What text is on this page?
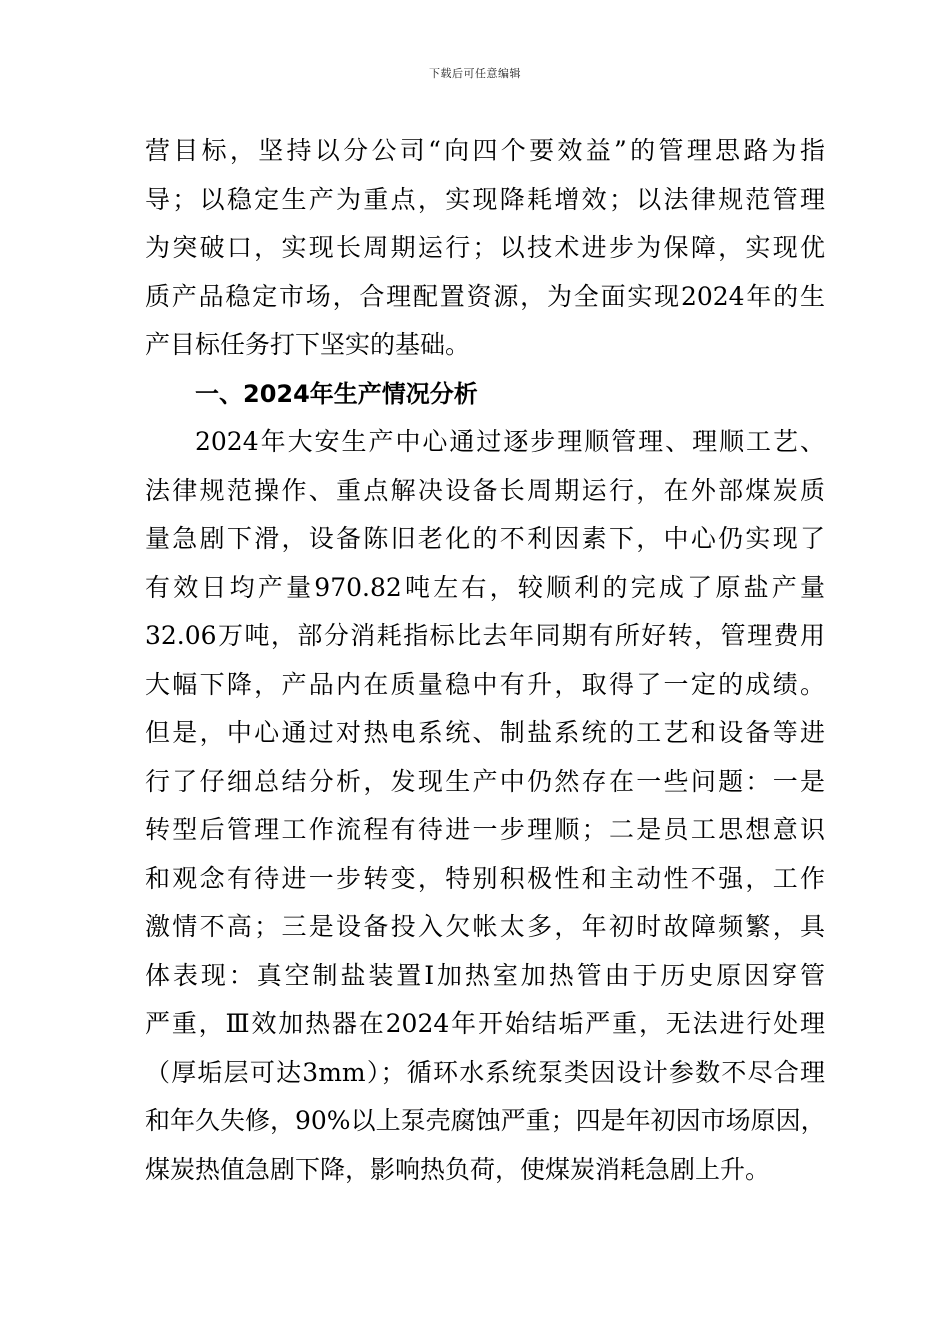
下载后可任意编辑
营目标，坚持以分公司“向四个要效益”的管理思路为指
导；以稳定生产为重点，实现降耗增效；以法律规范管理
为突破口，实现长周期运行；以技术进步为保障，实现优
质产品稳定市场，合理配置资源，为全面实现2024年的生
产目标任务打下坚实的基础。
一、2024年生产情况分析
2024年大安生产中心通过逐步理顺管理、理顺工艺、
法律规范操作、重点解决设备长周期运行，在外部煤炭质
量急剧下滑，设备陈旧老化的不利因素下，中心仍实现了
有效日均产量970.82吨左右，较顺利的完成了原盐产量
32.06万吨，部分消耗指标比去年同期有所好转，管理费用
大幅下降，产品内在质量稳中有升，取得了一定的成绩。
但是，中心通过对热电系统、制盐系统的工艺和设备等进
行了仔细总结分析，发现生产中仍然存在一些问题：一是
转型后管理工作流程有待进一步理顺；二是员工思想意识
和观念有待进一步转变，特别积极性和主动性不强，工作
激情不高；三是设备投入欠帐太多，年初时故障频繁，具
体表现：真空制盐装置Ⅰ加热室加热管由于历史原因穿管
严重，Ⅲ效加热器在2024年开始结垢严重，无法进行处理
（厚垢层可达3mm）；循环水系统泵类因设计参数不尽合理
和年久失修，90%以上泵壳腐蚀严重；四是年初因市场原因，
煤炭热值急剧下降，影响热负荷，使煤炭消耗急剧上升。
